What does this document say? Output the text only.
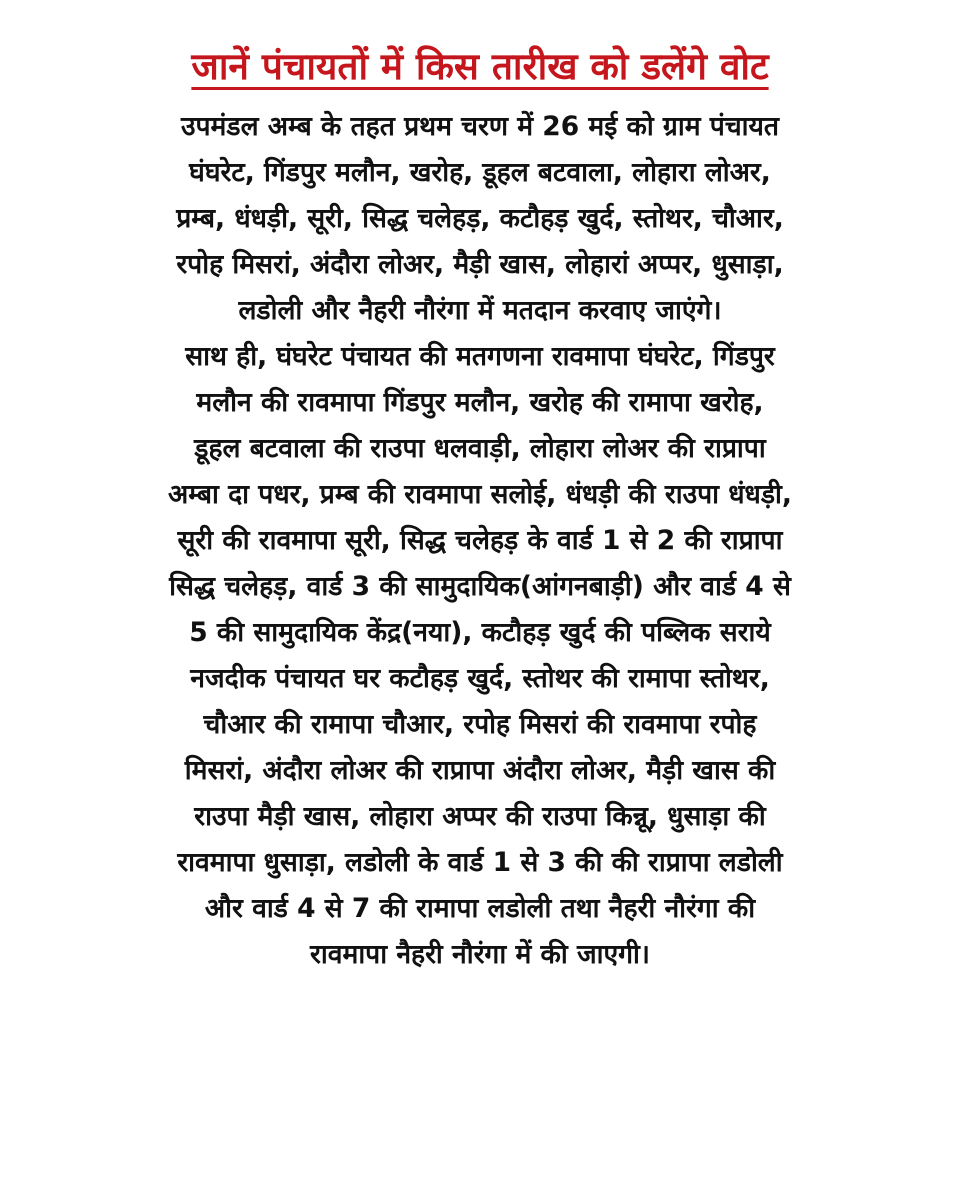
जानें पंचायतों में किस तारीख को डलेंगे वोट
उपमंडल अम्ब के तहत प्रथम चरण में 26 मई को ग्राम पंचायत
घंघरेट, गिंडपुर मलौन, खरोह, डूहल बटवाला, लोहारा लोअर,
प्रम्ब, धंधड़ी, सूरी, सिद्ध चलेहड़, कटौहड़ खुर्द, स्तोथर, चौआर,
रपोह मिसरां, अंदौरा लोअर, मैड़ी खास, लोहारां अप्पर, धुसाड़ा,
लडोली और नैहरी नौरंगा में मतदान करवाए जाएंगे।
साथ ही, घंघरेट पंचायत की मतगणना रावमापा घंघरेट, गिंडपुर
मलौन की रावमापा गिंडपुर मलौन, खरोह की रामापा खरोह,
डूहल बटवाला की राउपा धलवाड़ी, लोहारा लोअर की राप्रापा
अम्बा दा पधर, प्रम्ब की रावमापा सलोई, धंधड़ी की राउपा धंधड़ी,
सूरी की रावमापा सूरी, सिद्ध चलेहड़ के वार्ड 1 से 2 की राप्रापा
सिद्ध चलेहड़, वार्ड 3 की सामुदायिक(आंगनबाड़ी) और वार्ड 4 से
5 की सामुदायिक केंद्र(नया), कटौहड़ खुर्द की पब्लिक सराये
नजदीक पंचायत घर कटौहड़ खुर्द, स्तोथर की रामापा स्तोथर,
चौआर की रामापा चौआर, रपोह मिसरां की रावमापा रपोह
मिसरां, अंदौरा लोअर की राप्रापा अंदौरा लोअर, मैड़ी खास की
राउपा मैड़ी खास, लोहारा अप्पर की राउपा किन्नू, धुसाड़ा की
रावमापा धुसाड़ा, लडोली के वार्ड 1 से 3 की की राप्रापा लडोली
और वार्ड 4 से 7 की रामापा लडोली तथा नैहरी नौरंगा की
रावमापा नैहरी नौरंगा में की जाएगी।
